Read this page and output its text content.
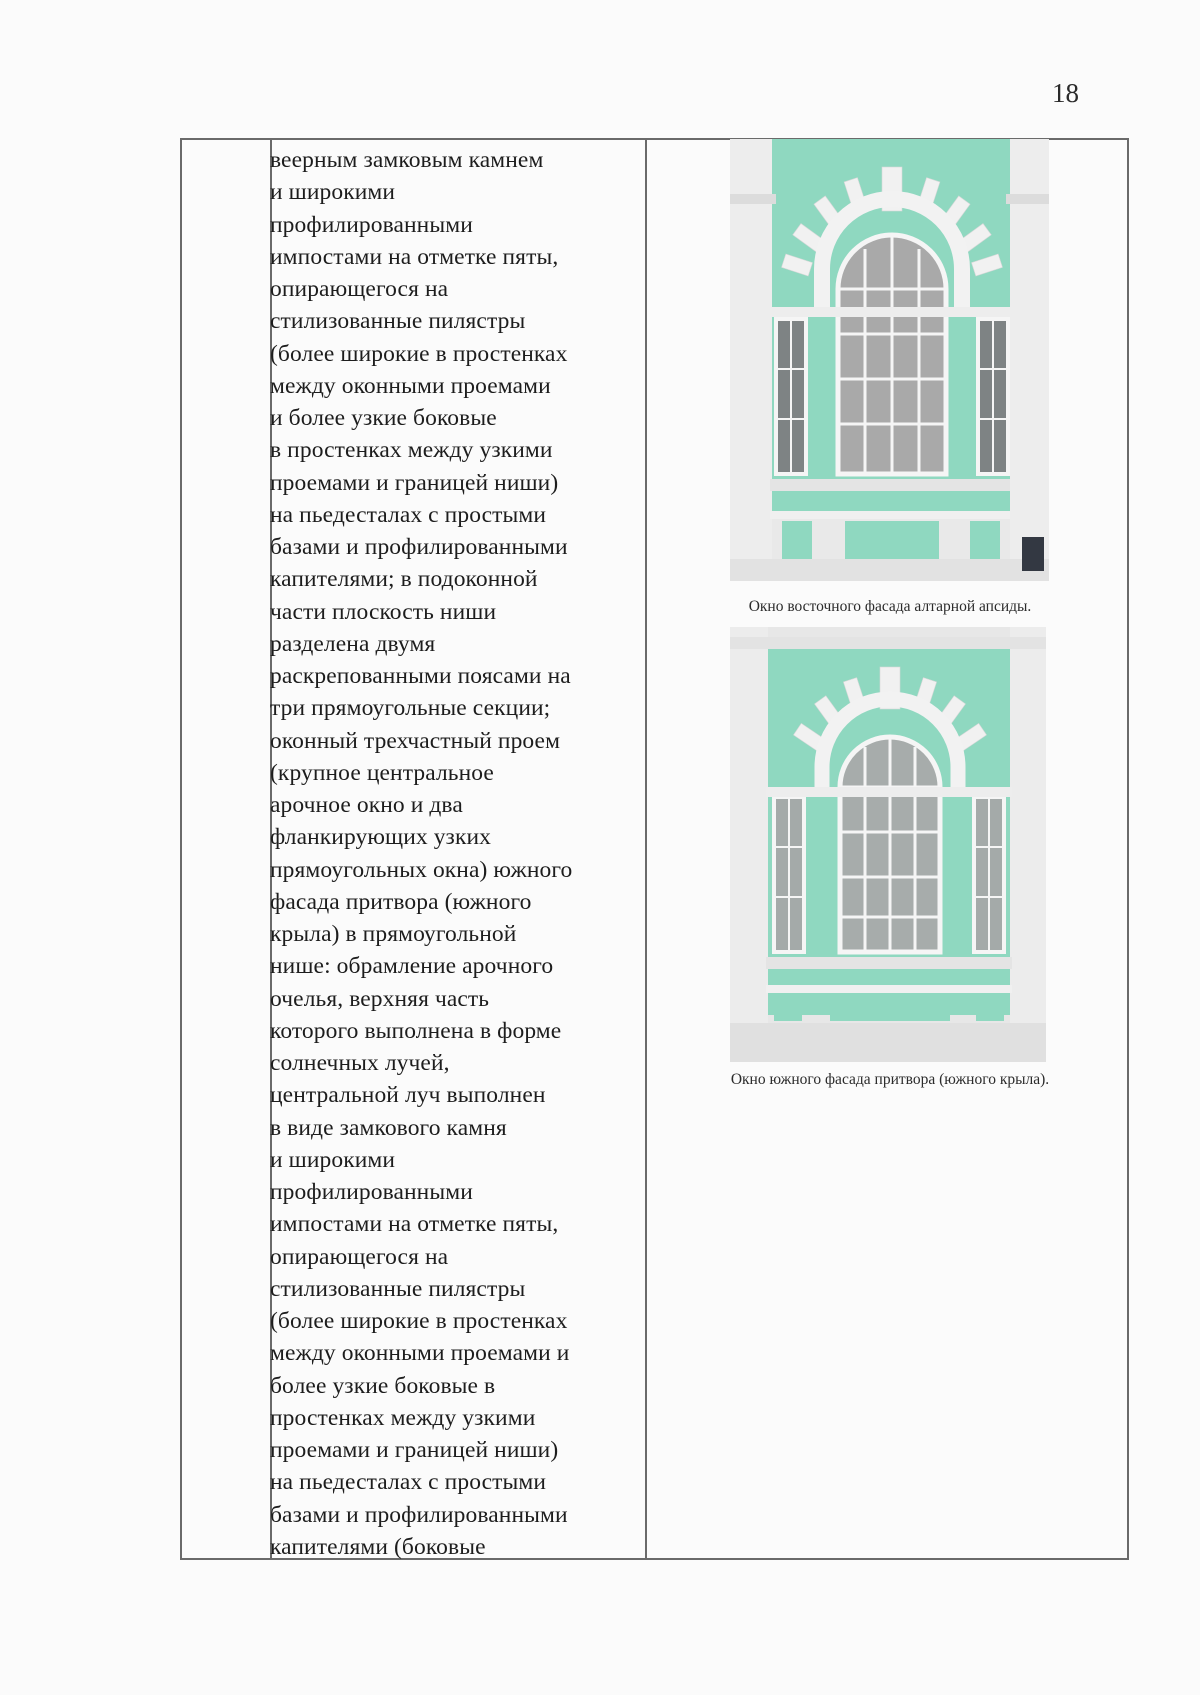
18
веерным замковым камнем
и широкими
профилированными
импостами на отметке пяты,
опирающегося на
стилизованные пилястры
(более широкие в простенках
между оконными проемами
и более узкие боковые
в простенках между узкими
проемами и границей ниши)
на пьедесталах с простыми
базами и профилированными
капителями; в подоконной
части плоскость ниши
разделена двумя
раскрепованными поясами на
три прямоугольные секции;
оконный трехчастный проем
(крупное центральное
арочное окно и два
фланкирующих узких
прямоугольных окна) южного
фасада притвора (южного
крыла) в прямоугольной
нише: обрамление арочного
очелья, верхняя часть
которого выполнена в форме
солнечных лучей,
центральной луч выполнен
в виде замкового камня
и широкими
профилированными
импостами на отметке пяты,
опирающегося на
стилизованные пилястры
(более широкие в простенках
между оконными проемами и
более узкие боковые в
простенках между узкими
проемами и границей ниши)
на пьедесталах с простыми
базами и профилированными
капителями (боковые
Окно восточного фасада алтарной апсиды.
Окно южного фасада притвора (южного крыла).
